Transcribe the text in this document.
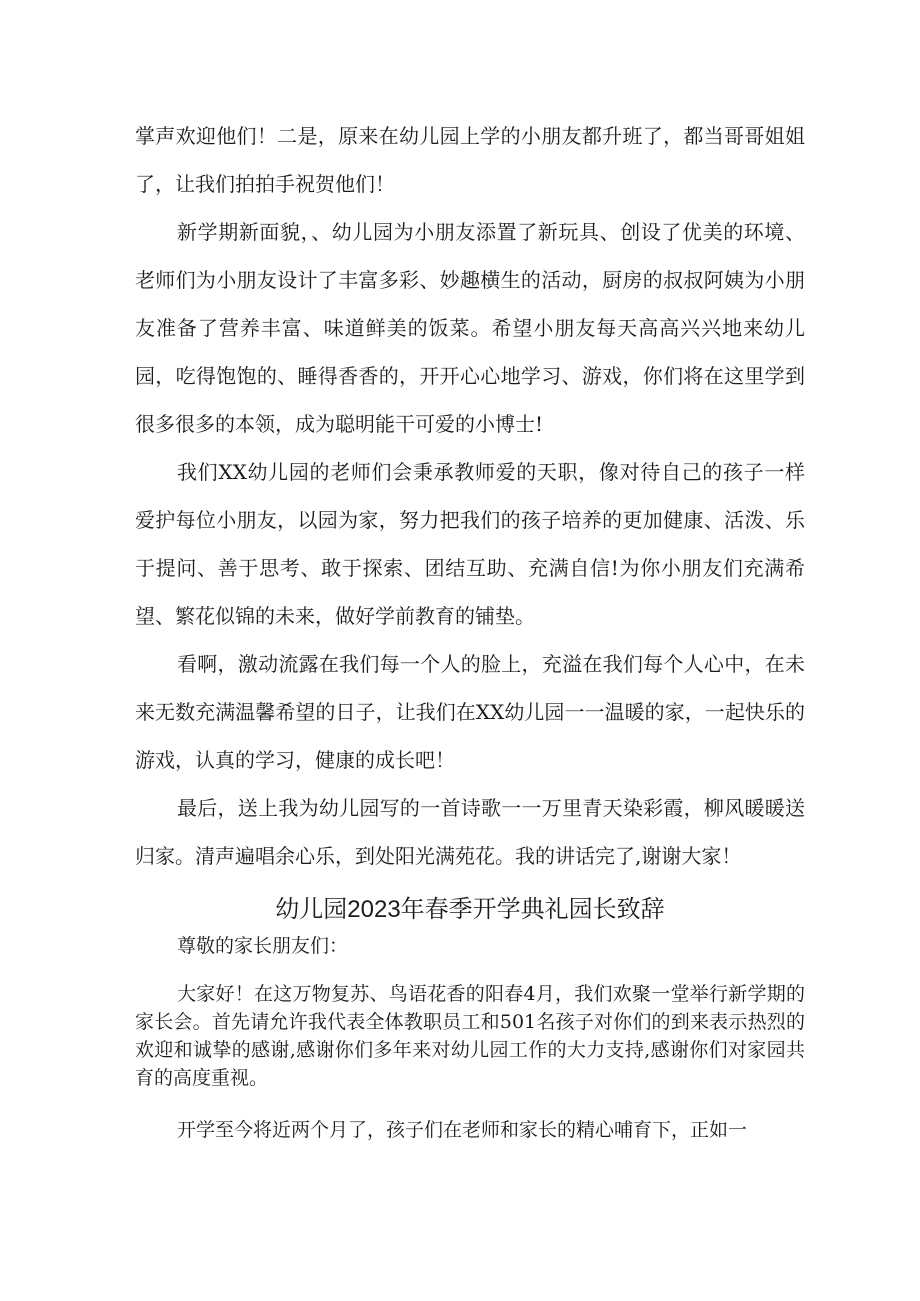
掌声欢迎他们！二是，原来在幼儿园上学的小朋友都升班了，都当哥哥姐姐了，让我们拍拍手祝贺他们！

新学期新面貌，、幼儿园为小朋友添置了新玩具、创设了优美的环境、老师们为小朋友设计了丰富多彩、妙趣横生的活动，厨房的叔叔阿姨为小朋友准备了营养丰富、味道鲜美的饭菜。希望小朋友每天高高兴兴地来幼儿园，吃得饱饱的、睡得香香的，开开心心地学习、游戏，你们将在这里学到很多很多的本领，成为聪明能干可爱的小博士!

我们XX幼儿园的老师们会秉承教师爱的天职，像对待自己的孩子一样爱护每位小朋友，以园为家，努力把我们的孩子培养的更加健康、活泼、乐于提问、善于思考、敢于探索、团结互助、充满自信!为你小朋友们充满希望、繁花似锦的未来，做好学前教育的铺垫。

看啊，激动流露在我们每一个人的脸上，充溢在我们每个人心中，在未来无数充满温馨希望的日子，让我们在XX幼儿园一一温暖的家，一起快乐的游戏，认真的学习，健康的成长吧！

最后，送上我为幼儿园写的一首诗歌一一万里青天染彩霞，柳风暖暖送归家。清声遍唱余心乐，到处阳光满苑花。我的讲话完了,谢谢大家！

幼儿园2023年春季开学典礼园长致辞

尊敬的家长朋友们：

大家好！在这万物复苏、鸟语花香的阳春4月，我们欢聚一堂举行新学期的家长会。首先请允许我代表全体教职员工和501名孩子对你们的到来表示热烈的欢迎和诚挚的感谢,感谢你们多年来对幼儿园工作的大力支持,感谢你们对家园共育的高度重视。

开学至今将近两个月了，孩子们在老师和家长的精心哺育下，正如一
